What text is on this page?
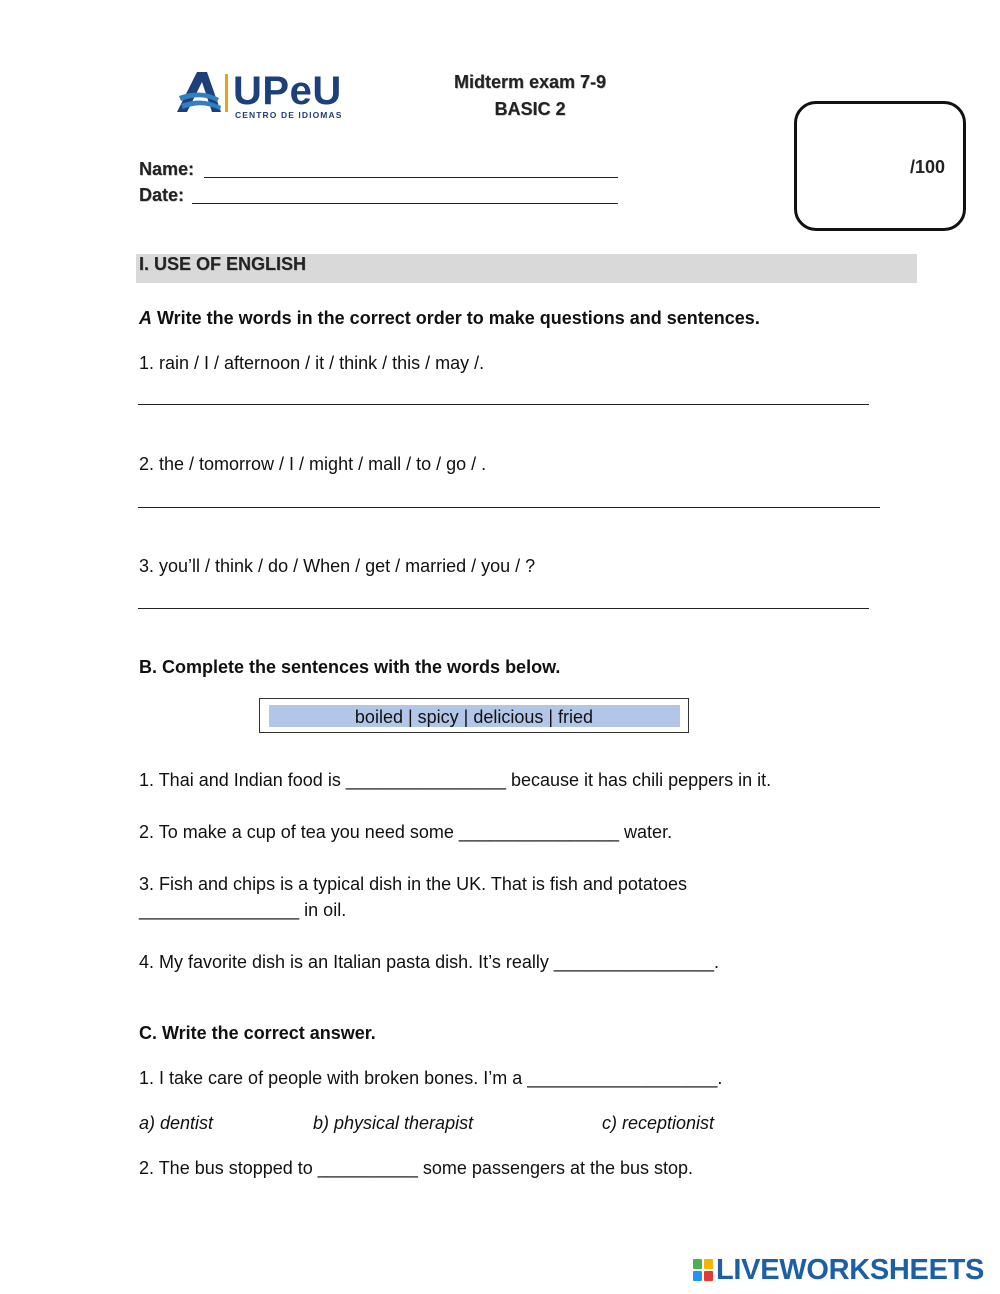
UPeU
CENTRO DE IDIOMAS
Midterm exam 7-9
BASIC 2
/100
Name:
Date:
I. USE OF ENGLISH
A Write the words in the correct order to make questions and sentences.
1. rain / I / afternoon / it / think / this / may /.
2. the / tomorrow / I / might / mall / to / go / .
3. you’ll / think / do / When / get / married / you / ?
B. Complete the sentences with the words below.
boiled | spicy | delicious | fried
1. Thai and Indian food is ________________ because it has chili peppers in it.
2. To make a cup of tea you need some ________________ water.
3. Fish and chips is a typical dish in the UK. That is fish and potatoes
________________ in oil.
4. My favorite dish is an Italian pasta dish. It’s really ________________.
C. Write the correct answer.
1. I take care of people with broken bones. I’m a ___________________.
a) dentist	b) physical therapist	c) receptionist
2. The bus stopped to __________ some passengers at the bus stop.
LIVEWORKSHEETS
